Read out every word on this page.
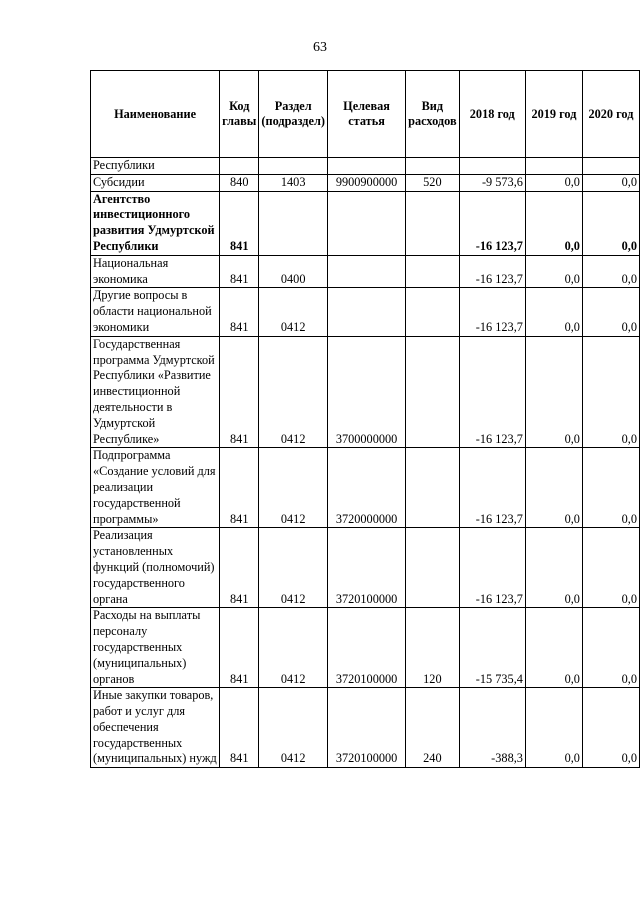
63
Наименование	Код главы	Раздел (подраздел)	Целевая статья	Вид расходов	2018 год	2019 год	2020 год
Республики							
Субсидии	840	1403	9900900000	520	-9 573,6	0,0	0,0
Агентство инвестиционного развития Удмуртской Республики	841				-16 123,7	0,0	0,0
Национальная экономика	841	0400			-16 123,7	0,0	0,0
Другие вопросы в области национальной экономики	841	0412			-16 123,7	0,0	0,0
Государственная программа Удмуртской Республики «Развитие инвестиционной деятельности в Удмуртской Республике»	841	0412	3700000000		-16 123,7	0,0	0,0
Подпрограмма «Создание условий для реализации государственной программы»	841	0412	3720000000		-16 123,7	0,0	0,0
Реализация установленных функций (полномочий) государственного органа	841	0412	3720100000		-16 123,7	0,0	0,0
Расходы на выплаты персоналу государственных (муниципальных) органов	841	0412	3720100000	120	-15 735,4	0,0	0,0
Иные закупки товаров, работ и услуг для обеспечения государственных (муниципальных) нужд	841	0412	3720100000	240	-388,3	0,0	0,0
